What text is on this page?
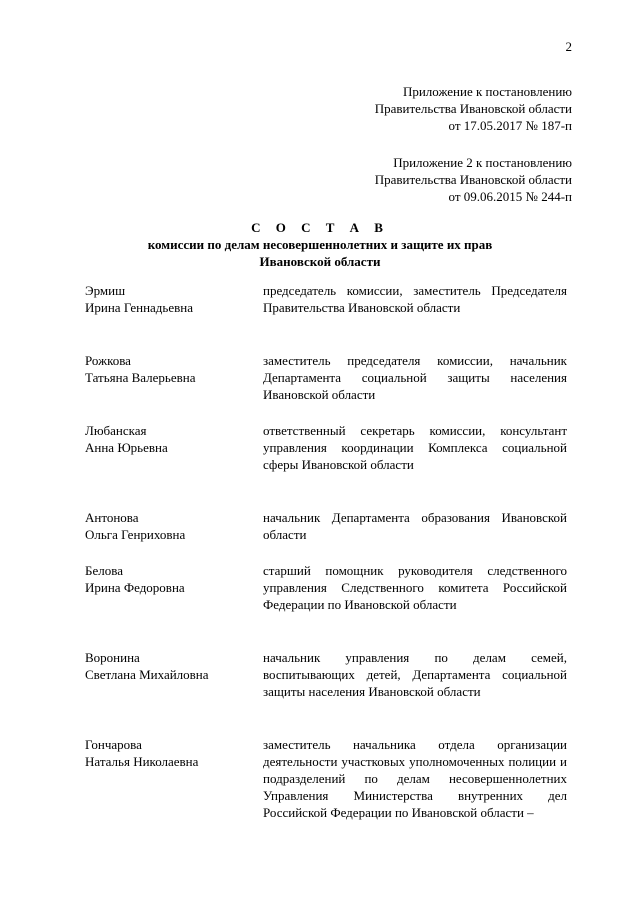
2
Приложение к постановлению
Правительства Ивановской области
от 17.05.2017 № 187-п
Приложение 2 к постановлению
Правительства Ивановской области
от 09.06.2015 № 244-п
С О С Т А В
комиссии по делам несовершеннолетних и защите их прав
Ивановской области
Эрмиш
Ирина Геннадьевна
председатель комиссии, заместитель Председателя Правительства Ивановской области
Рожкова
Татьяна Валерьевна
заместитель председателя комиссии, начальник Департамента социальной защиты населения Ивановской области
Любанская
Анна Юрьевна
ответственный секретарь комиссии, консультант управления координации Комплекса социальной сферы Ивановской области
Антонова
Ольга Генриховна
начальник Департамента образования Ивановской области
Белова
Ирина Федоровна
старший помощник руководителя следственного управления Следственного комитета Российской Федерации по Ивановской области
Воронина
Светлана Михайловна
начальник управления по делам семей, воспитывающих детей, Департамента социальной защиты населения Ивановской области
Гончарова
Наталья Николаевна
заместитель начальника отдела организации деятельности участковых уполномоченных полиции и подразделений по делам несовершеннолетних Управления Министерства внутренних дел Российской Федерации по Ивановской области –
